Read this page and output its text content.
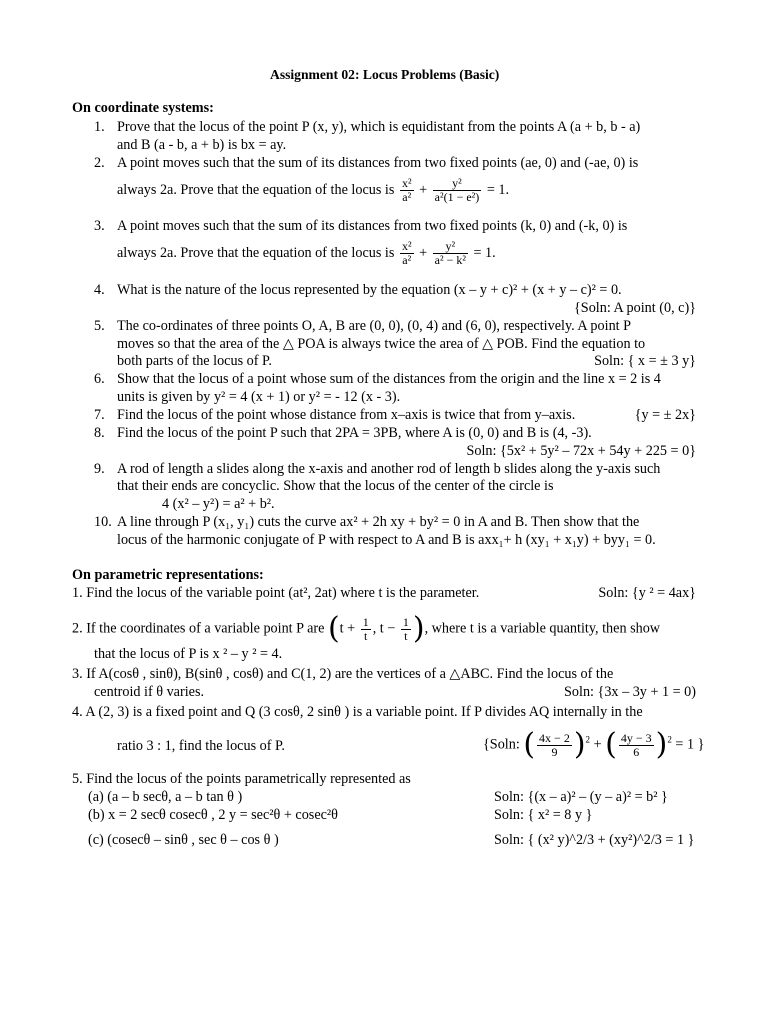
Assignment 02: Locus Problems (Basic)
On coordinate systems:
1. Prove that the locus of the point P (x, y), which is equidistant from the points A (a + b, b - a)
and B (a - b, a + b) is bx = ay.
2. A point moves such that the sum of its distances from two fixed points (ae, 0) and (-ae, 0) is
always 2a. Prove that the equation of the locus is $\frac{\text{x²}}{\text{a²}} + \frac{\text{y²}}{\text{a²(1 − e²)}} = 1$.
3. A point moves such that the sum of its distances from two fixed points (k, 0) and (-k, 0) is
always 2a. Prove that the equation of the locus is $\frac{\text{x²}}{\text{a²}} + \frac{\text{y²}}{\text{a² − k²}} = 1$.
4. What is the nature of the locus represented by the equation (x – y + c)² + (x + y – c)² = 0.
{Soln: A point (0, c)}
5. The co-ordinates of three points O, A, B are (0, 0), (0, 4) and (6, 0), respectively. A point P
moves so that the area of the △ POA is always twice the area of △ POB. Find the equation to
both parts of the locus of P.	Soln: { x = ± 3 y}
6. Show that the locus of a point whose sum of the distances from the origin and the line x = 2 is 4
units is given by y² = 4 (x + 1) or y² = - 12 (x - 3).
7. Find the locus of the point whose distance from x–axis is twice that from y–axis.	{y = ± 2x}
8. Find the locus of the point P such that 2PA = 3PB, where A is (0, 0) and B is (4, -3).
Soln: {5x² + 5y² – 72x + 54y + 225 = 0}
9. A rod of length a slides along the x-axis and another rod of length b slides along the y-axis such
that their ends are concyclic. Show that the locus of the center of the circle is
4 (x² – y²) = a² + b².
10. A line through P (x₁, y₁) cuts the curve ax² + 2h xy + by² = 0 in A and B. Then show that the
locus of the harmonic conjugate of P with respect to A and B is axx₁+ h (xy₁ + x₁y) + byy₁ = 0.
On parametric representations:
1. Find the locus of the variable point (at², 2at) where t is the parameter.	Soln: {y ² = 4ax}
2. If the coordinates of a variable point P are ($t + \frac{1}{t}$ , $t - \frac{1}{t}$ ), where t is a variable quantity, then show
that the locus of P is x ² – y ² = 4.
3. If A(cosθ , sinθ), B(sinθ , cosθ) and C(1, 2) are the vertices of a △ABC. Find the locus of the
centroid if θ varies.	Soln: {3x – 3y + 1 = 0)
4. A (2, 3) is a fixed point and Q (3 cosθ, 2 sinθ ) is a variable point. If P divides AQ internally in the
ratio 3 : 1, find the locus of P.	{Soln: ( $\frac{4x - 2}{9} )^2$ + ( $\frac{4y - 3}{6} )^2 = 1$ }
5. Find the locus of the points parametrically represented as
(a) (a – b secθ, a – b tan θ )	Soln: {(x – a)² – (y – a)² = b² }
(b) x = 2 secθ cosecθ , 2 y = sec²θ + cosec²θ	Soln: { x² = 8 y }
(c) (cosecθ – sinθ , sec θ – cos θ )	Soln: { (x² y)^2/3 + (xy²)^2/3 = 1 }
